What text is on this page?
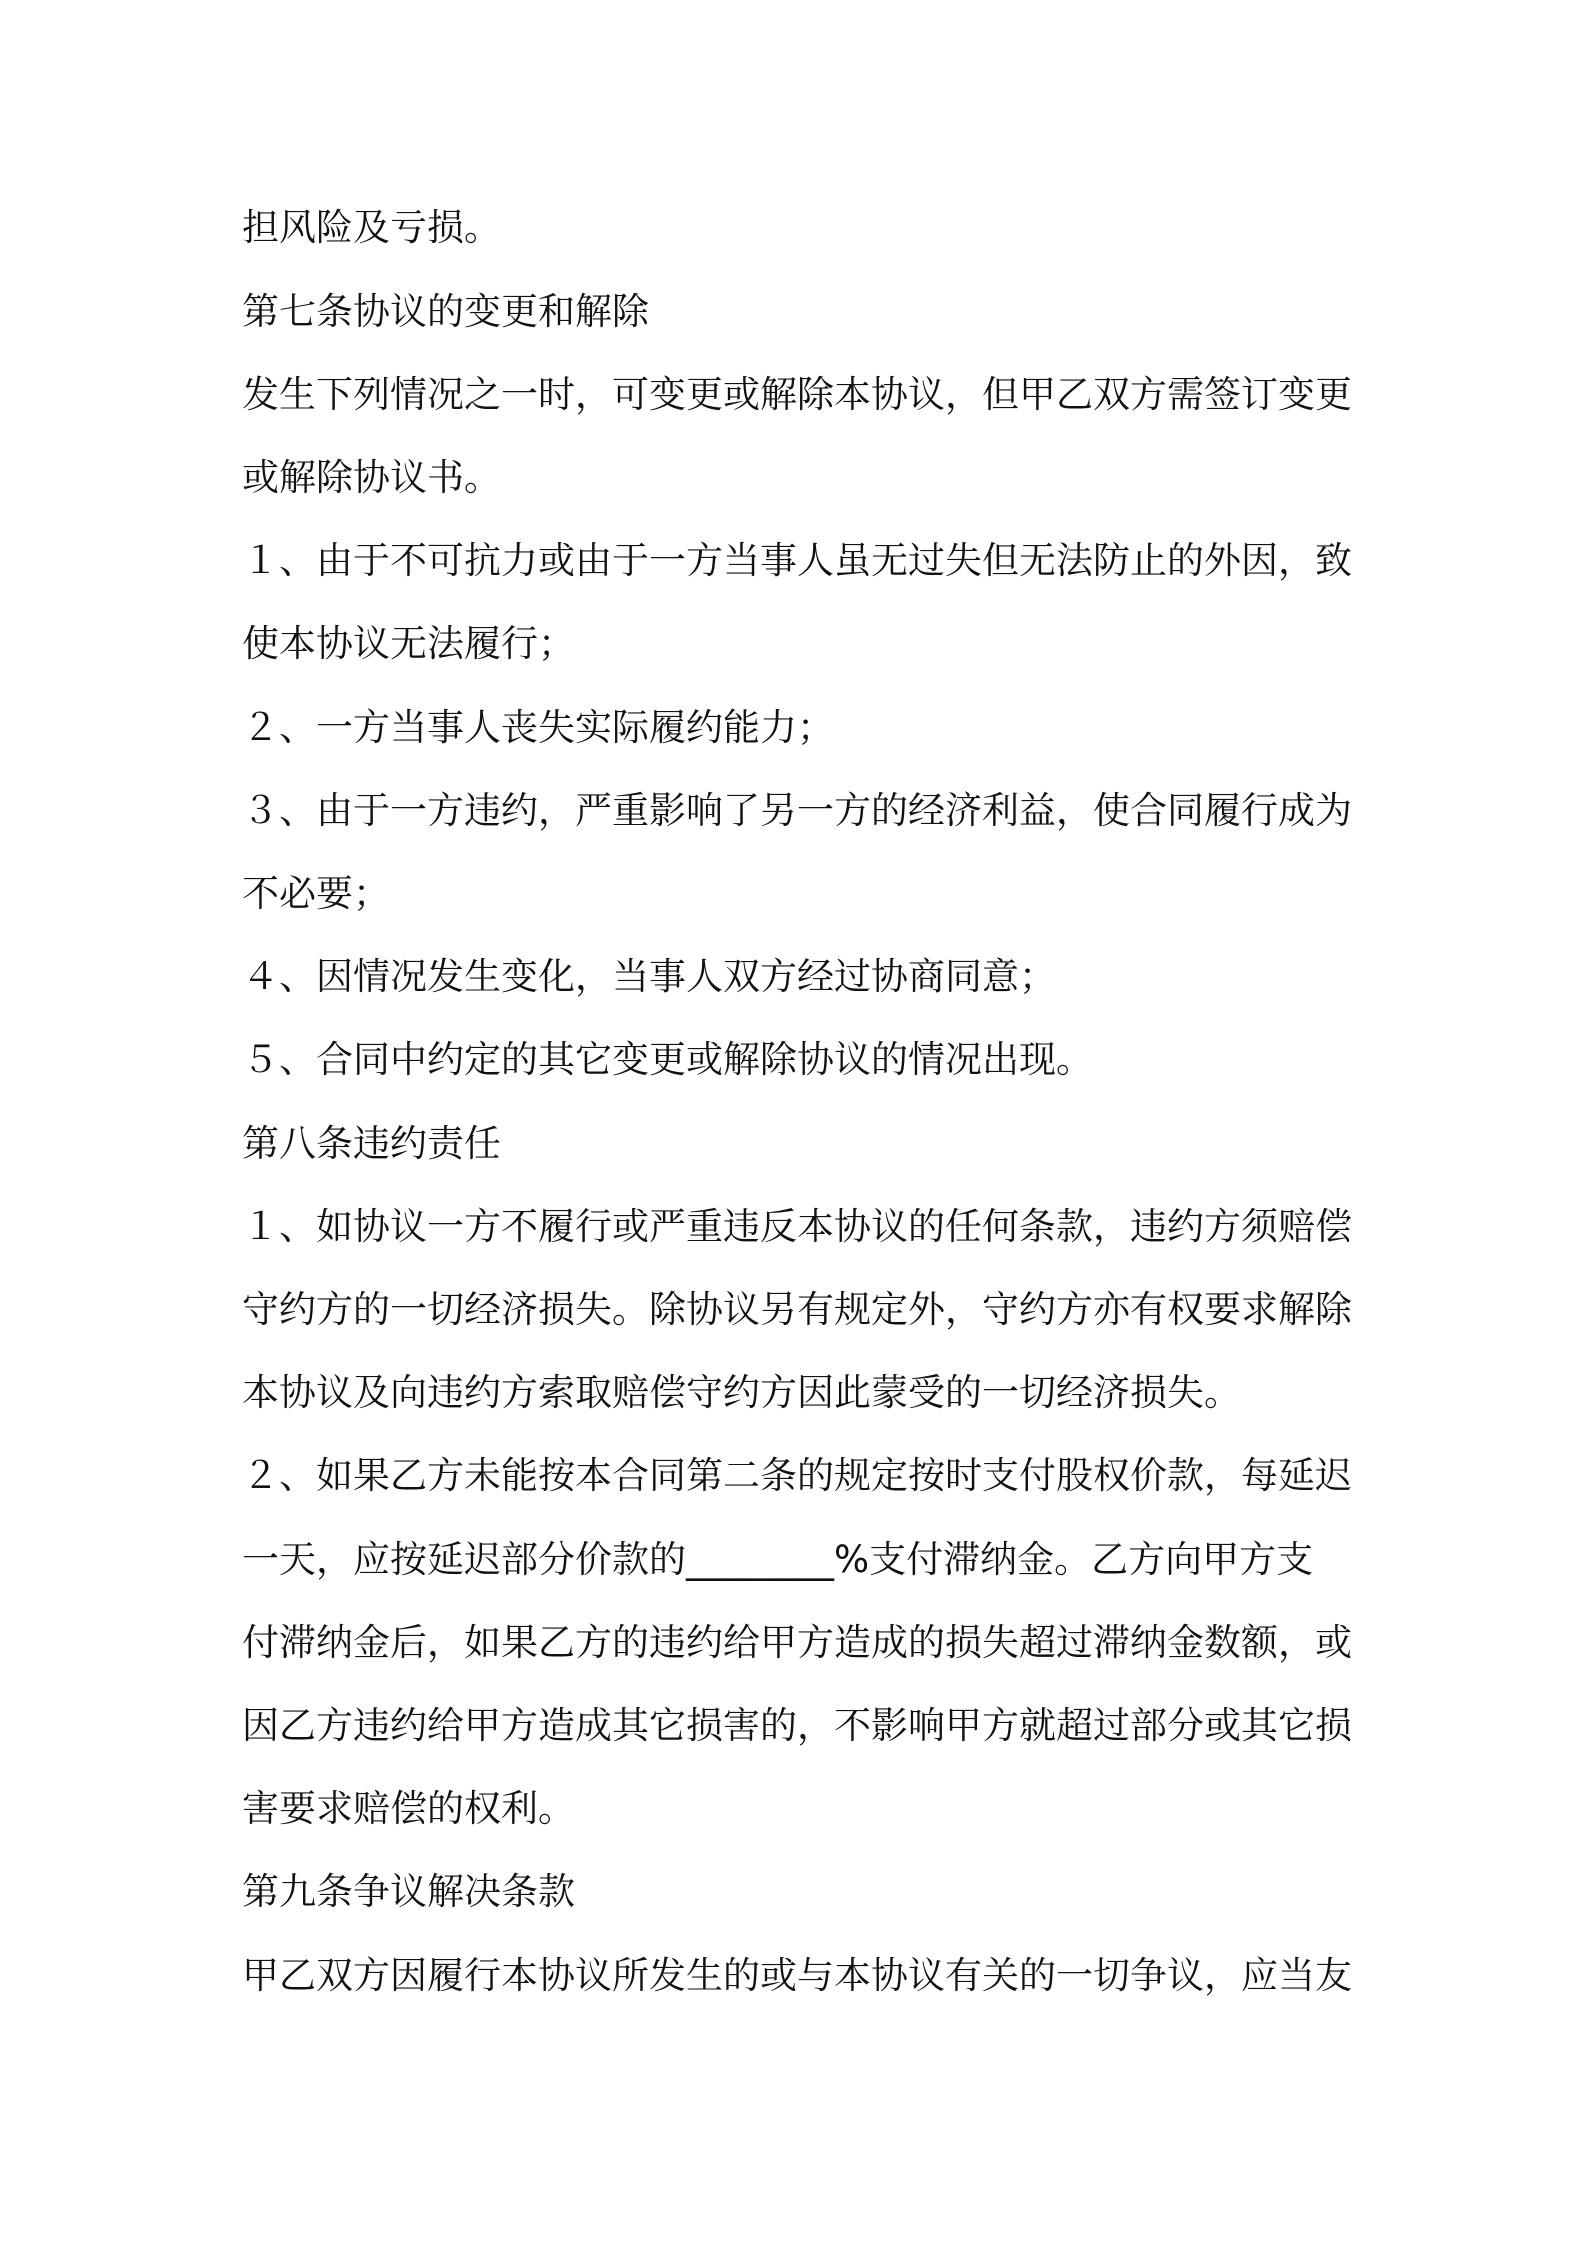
担风险及亏损。
第七条协议的变更和解除
发生下列情况之一时，可变更或解除本协议，但甲乙双方需签订变更
或解除协议书。
１、由于不可抗力或由于一方当事人虽无过失但无法防止的外因，致
使本协议无法履行；
２、一方当事人丧失实际履约能力；
３、由于一方违约，严重影响了另一方的经济利益，使合同履行成为
不必要；
４、因情况发生变化，当事人双方经过协商同意；
５、合同中约定的其它变更或解除协议的情况出现。
第八条违约责任
１、如协议一方不履行或严重违反本协议的任何条款，违约方须赔偿
守约方的一切经济损失。除协议另有规定外，守约方亦有权要求解除
本协议及向违约方索取赔偿守约方因此蒙受的一切经济损失。
２、如果乙方未能按本合同第二条的规定按时支付股权价款，每延迟
一天，应按延迟部分价款的________%支付滞纳金。乙方向甲方支
付滞纳金后，如果乙方的违约给甲方造成的损失超过滞纳金数额，或
因乙方违约给甲方造成其它损害的，不影响甲方就超过部分或其它损
害要求赔偿的权利。
第九条争议解决条款
甲乙双方因履行本协议所发生的或与本协议有关的一切争议，应当友
